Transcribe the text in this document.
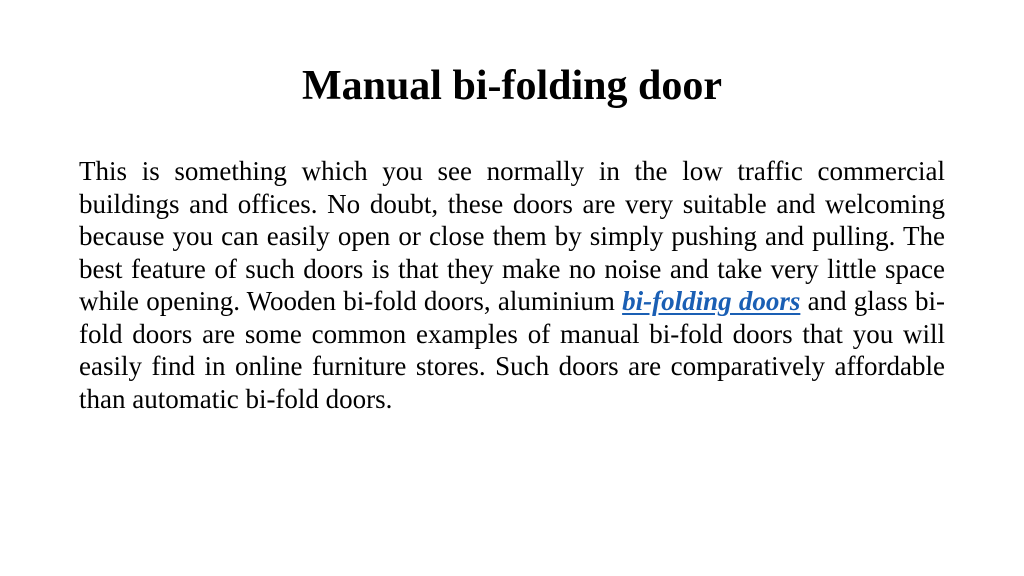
Manual bi-folding door

This is something which you see normally in the low traffic commercial buildings and offices. No doubt, these doors are very suitable and welcoming because you can easily open or close them by simply pushing and pulling. The best feature of such doors is that they make no noise and take very little space while opening. Wooden bi-fold doors, aluminium bi-folding doors and glass bi-fold doors are some common examples of manual bi-fold doors that you will easily find in online furniture stores. Such doors are comparatively affordable than automatic bi-fold doors.
